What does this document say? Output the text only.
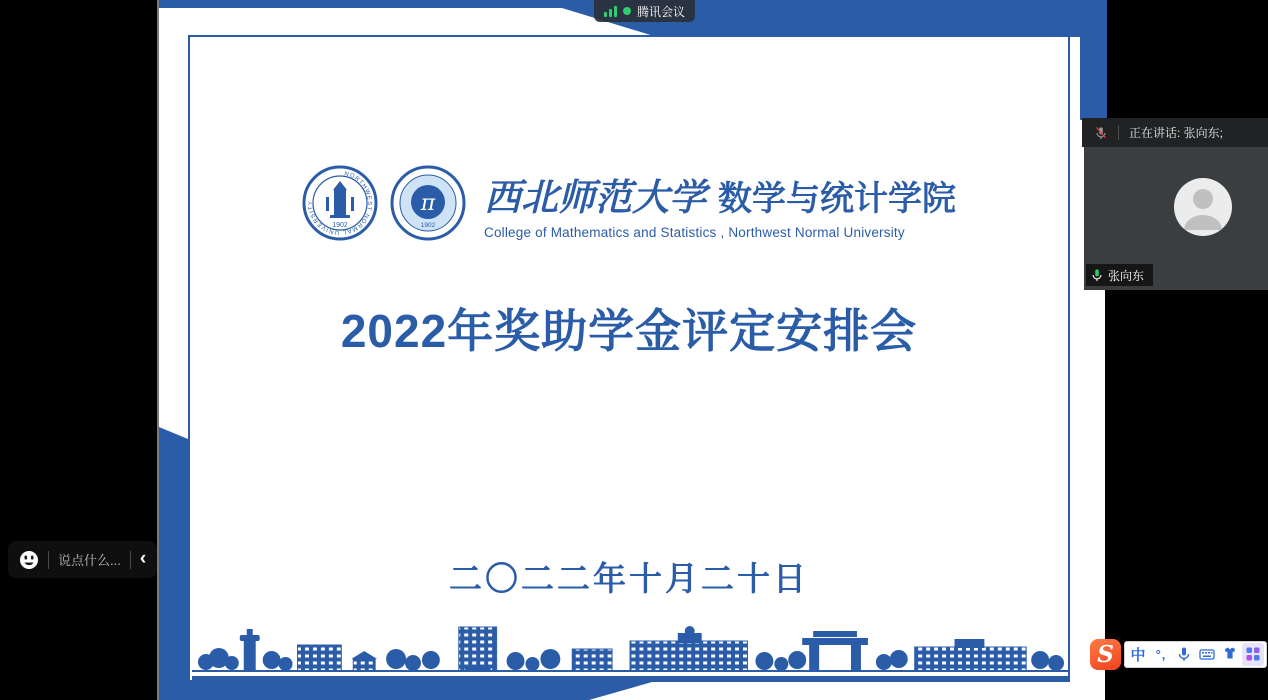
NORTHWEST NORMAL UNIVERSITY
1902
π
1902
西北师范大学 数学与统计学院
College of Mathematics and Statistics , Northwest Normal University
2022年奖助学金评定安排会
二〇二二年十月二十日
腾讯会议
正在讲话: 张向东;
张向东
说点什么... ‹
S	中 °,
